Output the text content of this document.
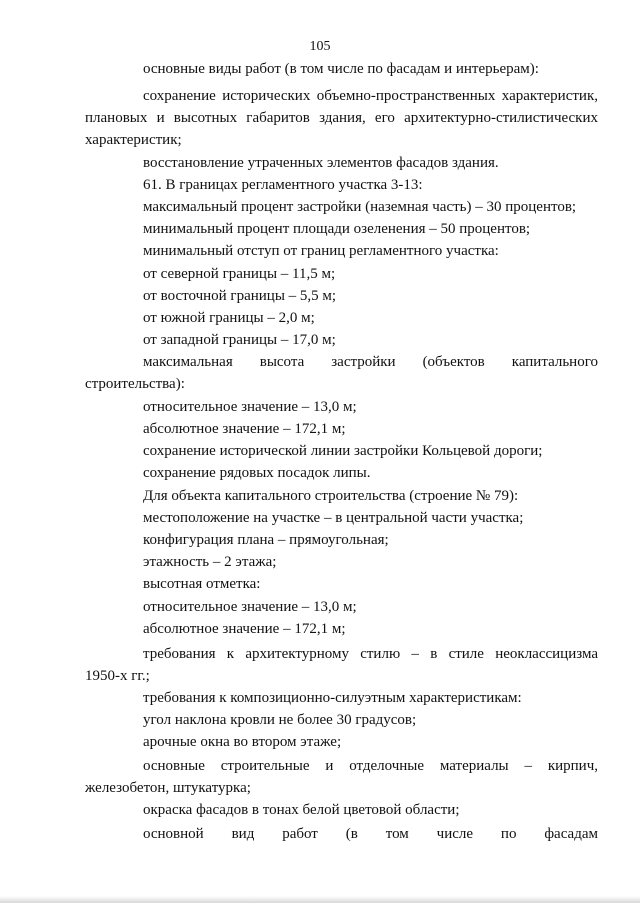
105
основные виды работ (в том числе по фасадам и интерьерам):
сохранение исторических объемно-пространственных характеристик,
плановых и высотных габаритов здания, его архитектурно-стилистических
характеристик;
восстановление утраченных элементов фасадов здания.
61. В границах регламентного участка 3-13:
максимальный процент застройки (наземная часть) – 30 процентов;
минимальный процент площади озеленения – 50 процентов;
минимальный отступ от границ регламентного участка:
от северной границы – 11,5 м;
от восточной границы – 5,5 м;
от южной границы – 2,0 м;
от западной границы – 17,0 м;
максимальная высота застройки (объектов капитального
строительства):
относительное значение – 13,0 м;
абсолютное значение – 172,1 м;
сохранение исторической линии застройки Кольцевой дороги;
сохранение рядовых посадок липы.
Для объекта капитального строительства (строение № 79):
местоположение на участке – в центральной части участка;
конфигурация плана – прямоугольная;
этажность – 2 этажа;
высотная отметка:
относительное значение – 13,0 м;
абсолютное значение – 172,1 м;
требования к архитектурному стилю – в стиле неоклассицизма
1950-х гг.;
требования к композиционно-силуэтным характеристикам:
угол наклона кровли не более 30 градусов;
арочные окна во втором этаже;
основные строительные и отделочные материалы – кирпич,
железобетон, штукатурка;
окраска фасадов в тонах белой цветовой области;
основной вид работ (в том числе по фасадам
